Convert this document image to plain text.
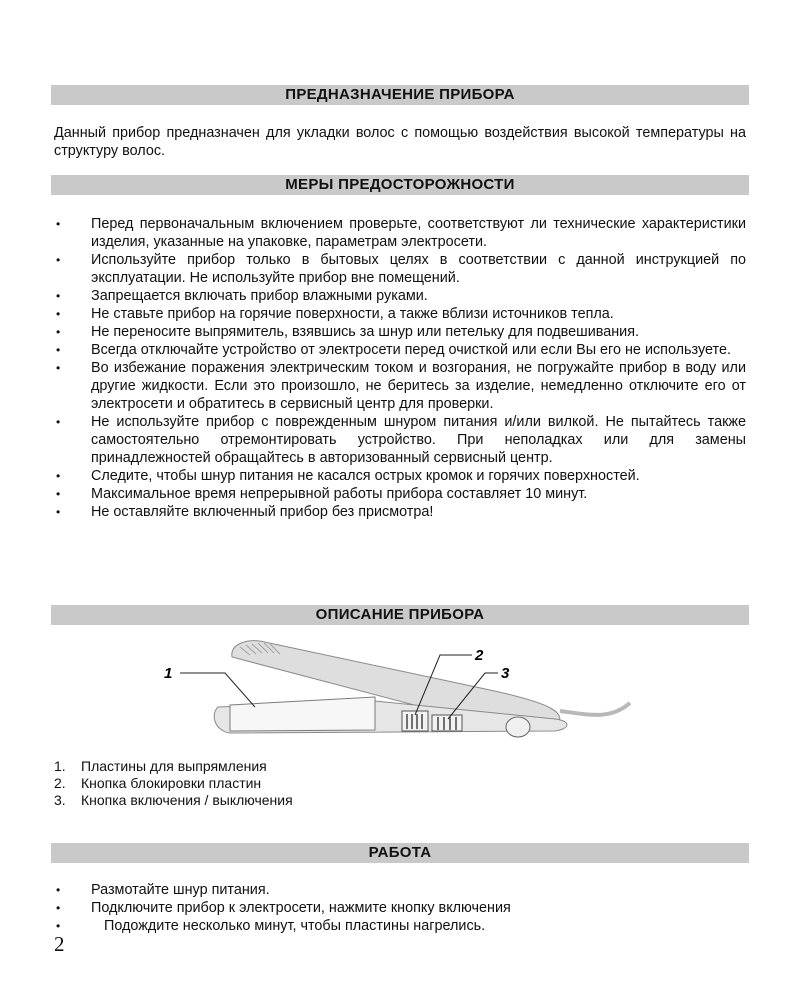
ПРЕДНАЗНАЧЕНИЕ ПРИБОРА
Данный прибор предназначен для укладки волос с помощью воздействия высокой температуры на структуру волос.
МЕРЫ ПРЕДОСТОРОЖНОСТИ
• Перед первоначальным включением проверьте, соответствуют ли технические характеристики изделия, указанные на упаковке, параметрам электросети.
• Используйте прибор только в бытовых целях в соответствии с данной инструкцией по эксплуатации. Не используйте прибор вне помещений.
• Запрещается включать прибор влажными руками.
• Не ставьте прибор на горячие поверхности, а также вблизи источников тепла.
• Не переносите выпрямитель, взявшись за шнур или петельку для подвешивания.
• Всегда отключайте устройство от электросети перед очисткой или если Вы его не используете.
• Во избежание поражения электрическим током и возгорания, не погружайте прибор в воду или другие жидкости. Если это произошло, не беритесь за изделие, немедленно отключите его от электросети и обратитесь в сервисный центр для проверки.
• Не используйте прибор с поврежденным шнуром питания и/или вилкой. Не пытайтесь также самостоятельно отремонтировать устройство. При неполадках или для замены принадлежностей обращайтесь в авторизованный сервисный центр.
• Следите, чтобы шнур питания не касался острых кромок и горячих поверхностей.
• Максимальное время непрерывной работы прибора составляет 10 минут.
• Не оставляйте включенный прибор без присмотра!
ОПИСАНИЕ ПРИБОРА
1
2
3
1. Пластины для выпрямления
2. Кнопка блокировки пластин
3. Кнопка включения / выключения
РАБОТА
• Размотайте шнур питания.
• Подключите прибор к электросети, нажмите кнопку включения
• Подождите несколько минут, чтобы пластины нагрелись.
2
